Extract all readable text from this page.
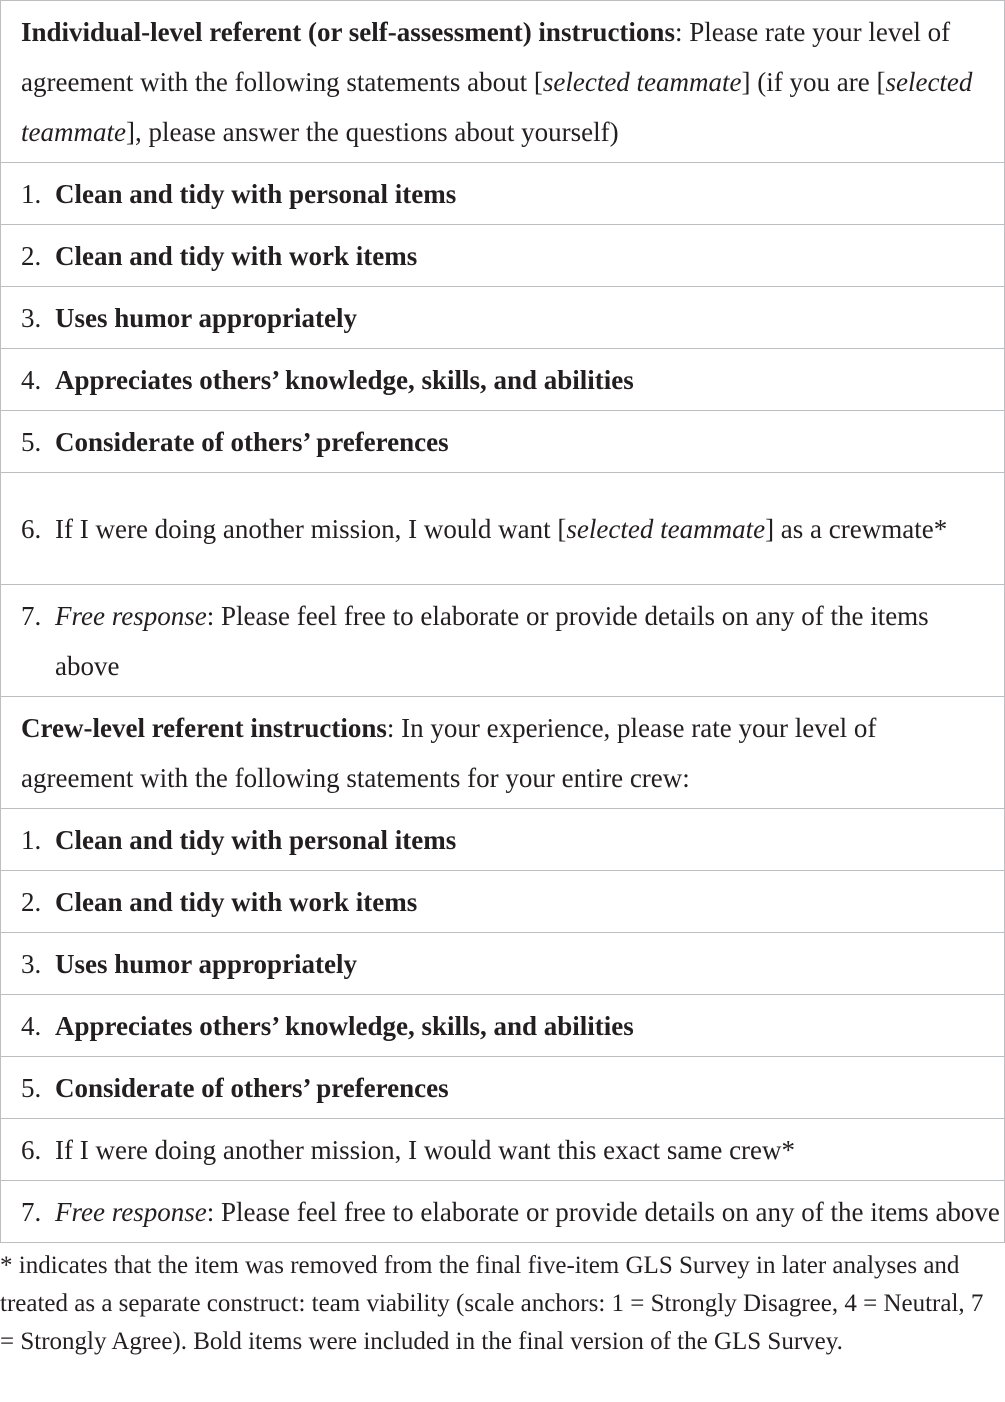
Individual-level referent (or self-assessment) instructions: Please rate your level of agreement with the following statements about [selected teammate] (if you are [selected teammate], please answer the questions about yourself)

1. Clean and tidy with personal items

2. Clean and tidy with work items

3. Uses humor appropriately

4. Appreciates others’ knowledge, skills, and abilities

5. Considerate of others’ preferences

6. If I were doing another mission, I would want [selected teammate] as a crewmate*

7. Free response: Please feel free to elaborate or provide details on any of the items above

Crew-level referent instructions: In your experience, please rate your level of agreement with the following statements for your entire crew:

1. Clean and tidy with personal items

2. Clean and tidy with work items

3. Uses humor appropriately

4. Appreciates others’ knowledge, skills, and abilities

5. Considerate of others’ preferences

6. If I were doing another mission, I would want this exact same crew*

7. Free response: Please feel free to elaborate or provide details on any of the items above

* indicates that the item was removed from the final five-item GLS Survey in later analyses and treated as a separate construct: team viability (scale anchors: 1 = Strongly Disagree, 4 = Neutral, 7 = Strongly Agree). Bold items were included in the final version of the GLS Survey.
